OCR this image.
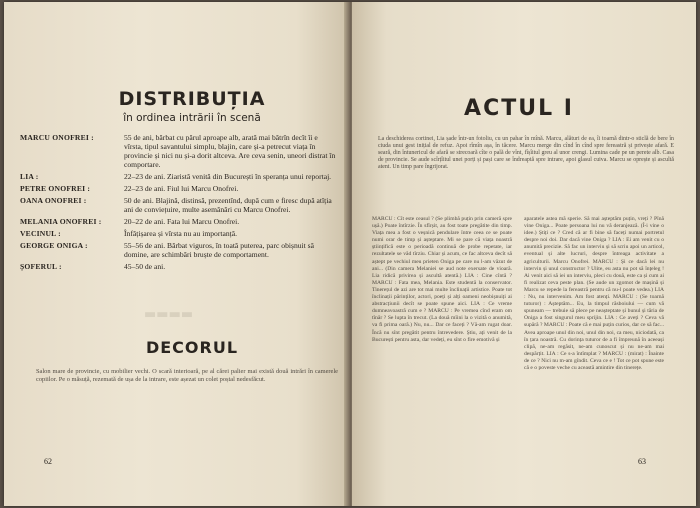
▬▬▬▬
DISTRIBUȚIA
în ordinea intrării în scenă
MARCU ONOFREI :	55 de ani, bărbat cu părul aproape alb, arată mai bătrîn decît îi e vîrsta, tipul savantului simplu, blajin, care și-a petrecut viața în provincie și nici nu și-a dorit altceva. Are ceva senin, uneori distrat în comportare.
LIA :	22–23 de ani. Ziaristă venită din București în speranța unui reportaj.
PETRE ONOFREI :	22–23 de ani. Fiul lui Marcu Onofrei.
OANA ONOFREI :	50 de ani. Blajină, distinsă, prezentînd, după cum e firesc după atîția ani de conviețuire, multe asemănări cu Marcu Onofrei.
MELANIA ONOFREI :	20–22 de ani. Fata lui Marcu Onofrei.
VECINUL :	Înfățișarea și vîrsta nu au importanță.
GEORGE ONIGA :	55–56 de ani. Bărbat viguros, în toată puterea, parc obișnuit să domine, are schimbări bruște de comportament.
ȘOFERUL :	45–50 de ani.
DECORUL
Salon mare de provincie, cu mobilier vechi. O scară interioară, pe al cărei palier mai există două intrări în camerele copiilor. Pe o măsuță, rezemată de ușa de la intrare, este așezat un colet poștal nedesfăcut.
62
ACTUL I
La deschiderea cortinei, Lia șade într-un fotoliu, cu un pahar în mînă. Marcu, alături de ea, îi toarnă dintr-o sticlă de bere în ciuda unui gest inițial de refuz. Apoi rîmîn așa, în tăcere. Marcu merge din cînd în cînd spre fereastră și privește afară. E seară, din întunericul de afară se strecoară cîte o pală de vînt, fîșîitul greu al unor crengi. Lumina cade pe un perete alb. Casa de provincie. Se aude scîrțîitul unei porți și pași care se îndreaptă spre intrare, apoi glasul cuiva. Marcu se oprește și ascultă atent. Un timp pare îngrijorat.
MARCU : Cît este ceasul ? (Se plimbă puțin prin cameră spre ușă.) Poate întîrzie. În sfîrșit, au fost toate pregătite din timp. Viața mea a fost o veșnică pendulare între ceea ce se poate numi orar de timp și așteptare. Mi se pare că viața noastră științifică este o perioadă continuă de probe repetate, iar rezultatele se văd tîrziu. Chiar și acum, ce fac altceva decît să aștept pe vechiul meu prieten Oniga pe care nu l-am văzut de ani... (Din camera Melaniei se aud note exersate de vioară. Lia ridică privirea și ascultă atentă.) LIA : Cine cîntă ? MARCU : Fata mea, Melania. Este studentă la conservator. Tinerețul de azi are tot mai multe înclinații artistice. Poate tot înclinații părinților, actori, poeți și alți oameni neobișnuiți ai abstracțiunii decît se poate spune aici. LIA : Ce vreme dumneavoastră cum e ? MARCU : Pe vremea cînd eram om tînăr ? Se lupta în trecut. (La două mîini la o vizită o anumită, va fi prima oară.) Nu, nu... Dar ce faceți ? Vă-am rugat doar. Încă nu sînt pregătit pentru întrevedere. Știu, ați venit de la București pentru asta, dar vedeți, eu sînt o fire emotivă și
aparatele astea mă sperie. Să mai așteptăm puțin, vreți ? Pînă vine Oniga... Poate persoana lui nu vă deranjează. (Î-i vine o idee.) Știți ce ? Cred că ar fi bine să faceți numai portretul despre noi doi. Dar dacă vine Oniga ? LIA : Ei am venit cu o anumită precizie. Să fac un interviu și să scriu apoi un articol, eventual și alte lucruri, despre întreaga activitate a agriculturii. Marcu Onofrei. MARCU : Și ce dacă lei nu intervin și unul constructor ? Ulite, eu asta nu pot să înțeleg ! Ai venit aici să iei un interviu, pleci cu două, este ca și cum ai fi realizat ceva peste plan. (Se aude un zgomot de mașină și Marcu se repede la fereastră pentru că nu-l poate vedea.) LIA : Nu, nu intervenim. Am fost atenți. MARCU : (Se toarnă tuturor) : Așteptăm... Eu, la timpul răsboiului — cum vă spuneam — trebuie să plece pe neașteptate și bunul și tăria de Oniga a fost singurul meu sprijin. LIA : Ce aveți ? Ceva vă supără ? MARCU : Poate că e mai puțin curios, dar ce să fac... Avea aproape unul din noi, unul din noi, ca meu, niciodată, ca în țara noastră. Cu dorința tuturor de a fi împreună în aceeași clipă, ne-am regăsit, ne-am cunoscut și nu ne-am mai despărțit. LIA : Ce s-a întîmplat ? MARCU : (mirat) : Înainte de ce ? Nici nu m-am gîndit. Ceva ce e ! Tot ce pot spune este că e o poveste veche cu această amintire din tinerețe.
63
